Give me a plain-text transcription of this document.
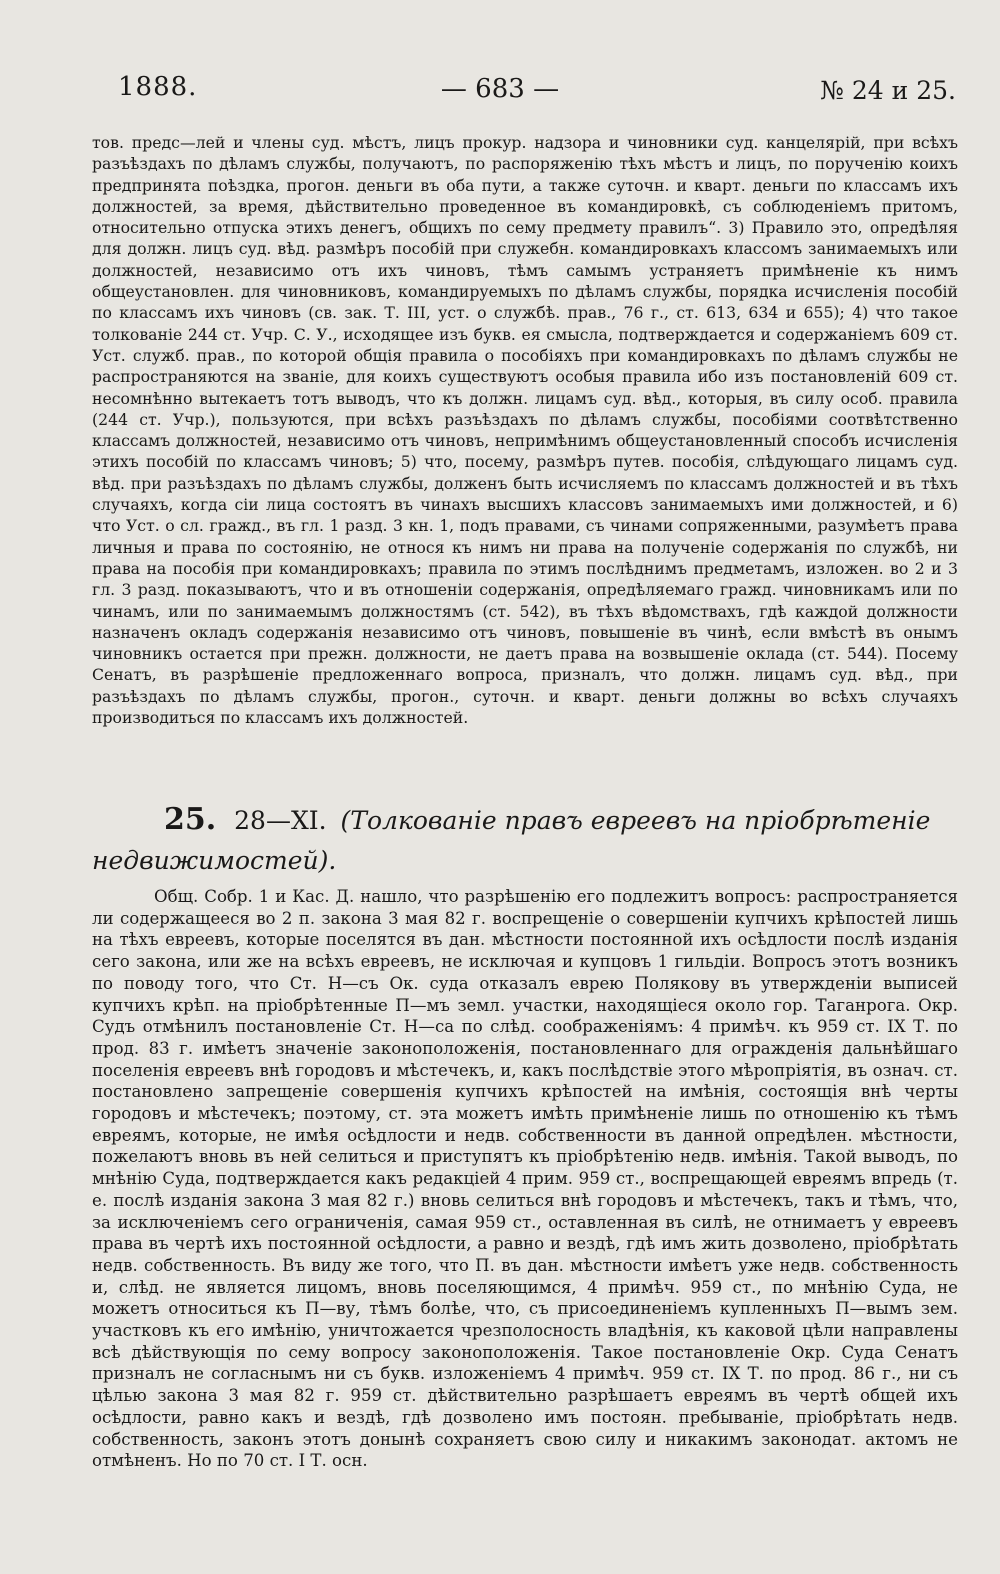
1888.	— 683 —	№ 24 и 25.
тов. предс—лей и члены суд. мѣстъ, лицъ прокур. надзора и чиновники суд. канцелярій, при всѣхъ разъѣздахъ по дѣламъ службы, получаютъ, по распоряженію тѣхъ мѣстъ и лицъ, по порученію коихъ предпринята поѣздка, прогон. деньги въ оба пути, а также суточн. и кварт. деньги по классамъ ихъ должностей, за время, дѣйствительно проведенное въ командировкѣ, съ соблюденіемъ притомъ, относительно отпуска этихъ денегъ, общихъ по сему предмету правилъ“. 3) Правило это, опредѣляя для должн. лицъ суд. вѣд. размѣръ пособій при служебн. командировкахъ классомъ занимаемыхъ или должностей, независимо отъ ихъ чиновъ, тѣмъ самымъ устраняетъ примѣненіе къ нимъ общеустановлен. для чиновниковъ, командируемыхъ по дѣламъ службы, порядка исчисленія пособій по классамъ ихъ чиновъ (св. зак. Т. III, уст. о службѣ. прав., 76 г., ст. 613, 634 и 655); 4) что такое толкованіе 244 ст. Учр. С. У., исходящее изъ букв. ея смысла, подтверждается и содержаніемъ 609 ст. Уст. служб. прав., по которой общія правила о пособіяхъ при командировкахъ по дѣламъ службы не распространяются на званіе, для коихъ существуютъ особыя правила ибо изъ постановленій 609 ст. несомнѣнно вытекаетъ тотъ выводъ, что къ должн. лицамъ суд. вѣд., которыя, въ силу особ. правила (244 ст. Учр.), пользуются, при всѣхъ разъѣздахъ по дѣламъ службы, пособіями соотвѣтственно классамъ должностей, независимо отъ чиновъ, непримѣнимъ общеустановленный способъ исчисленія этихъ пособій по классамъ чиновъ; 5) что, посему, размѣръ путев. пособія, слѣдующаго лицамъ суд. вѣд. при разъѣздахъ по дѣламъ службы, долженъ быть исчисляемъ по классамъ должностей и въ тѣхъ случаяхъ, когда сіи лица состоятъ въ чинахъ высшихъ классовъ занимаемыхъ ими должностей, и 6) что Уст. о сл. гражд., въ гл. 1 разд. 3 кн. 1, подъ правами, съ чинами сопряженными, разумѣетъ права личныя и права по состоянію, не относя къ нимъ ни права на полученіе содержанія по службѣ, ни права на пособія при командировкахъ; правила по этимъ послѣднимъ предметамъ, изложен. во 2 и 3 гл. 3 разд. показываютъ, что и въ отношеніи содержанія, опредѣляемаго гражд. чиновникамъ или по чинамъ, или по занимаемымъ должностямъ (ст. 542), въ тѣхъ вѣдомствахъ, гдѣ каждой должности назначенъ окладъ содержанія независимо отъ чиновъ, повышеніе въ чинѣ, если вмѣстѣ въ онымъ чиновникъ остается при прежн. должности, не даетъ права на возвышеніе оклада (ст. 544). Посему Сенатъ, въ разрѣшеніе предложеннаго вопроса, призналъ, что должн. лицамъ суд. вѣд., при разъѣздахъ по дѣламъ службы, прогон., суточн. и кварт. деньги должны во всѣхъ случаяхъ производиться по классамъ ихъ должностей.
25. 28—XI. (Толкованіе правъ евреевъ на пріобрѣтеніе недвижимостей).
Общ. Собр. 1 и Кас. Д. нашло, что разрѣшенію его подлежитъ вопросъ: распространяется ли содержащееся во 2 п. закона 3 мая 82 г. воспрещеніе о совершеніи купчихъ крѣпостей лишь на тѣхъ евреевъ, которые поселятся въ дан. мѣстности постоянной ихъ осѣдлости послѣ изданія сего закона, или же на всѣхъ евреевъ, не исключая и купцовъ 1 гильдіи. Вопросъ этотъ возникъ по поводу того, что Ст. Н—съ Ок. суда отказалъ еврею Полякову въ утвержденіи выписей купчихъ крѣп. на пріобрѣтенные П—мъ земл. участки, находящіеся около гор. Таганрога. Окр. Судъ отмѣнилъ постановленіе Ст. Н—са по слѣд. соображеніямъ: 4 примѣч. къ 959 ст. IX Т. по прод. 83 г. имѣетъ значеніе законоположенія, постановленнаго для огражденія дальнѣйшаго поселенія евреевъ внѣ городовъ и мѣстечекъ, и, какъ послѣдствіе этого мѣропріятія, въ означ. ст. постановлено запрещеніе совершенія купчихъ крѣпостей на имѣнія, состоящія внѣ черты городовъ и мѣстечекъ; поэтому, ст. эта можетъ имѣть примѣненіе лишь по отношенію къ тѣмъ евреямъ, которые, не имѣя осѣдлости и недв. собственности въ данной опредѣлен. мѣстности, пожелаютъ вновь въ ней селиться и приступятъ къ пріобрѣтенію недв. имѣнія. Такой выводъ, по мнѣнію Суда, подтверждается какъ редакціей 4 прим. 959 ст., воспрещающей евреямъ впредь (т. е. послѣ изданія закона 3 мая 82 г.) вновь селиться внѣ городовъ и мѣстечекъ, такъ и тѣмъ, что, за исключеніемъ сего ограниченія, самая 959 ст., оставленная въ силѣ, не отнимаетъ у евреевъ права въ чертѣ ихъ постоянной осѣдлости, а равно и вездѣ, гдѣ имъ жить дозволено, пріобрѣтать недв. собственность. Въ виду же того, что П. въ дан. мѣстности имѣетъ уже недв. собственность и, слѣд. не является лицомъ, вновь поселяющимся, 4 примѣч. 959 ст., по мнѣнію Суда, не можетъ относиться къ П—ву, тѣмъ болѣе, что, съ присоединеніемъ купленныхъ П—вымъ зем. участковъ къ его имѣнію, уничтожается чрезполосность владѣнія, къ каковой цѣли направлены всѣ дѣйствующія по сему вопросу законоположенія. Такое постановленіе Окр. Суда Сенатъ призналъ не согласнымъ ни съ букв. изложеніемъ 4 примѣч. 959 ст. IX Т. по прод. 86 г., ни съ цѣлью закона 3 мая 82 г. 959 ст. дѣйствительно разрѣшаетъ евреямъ въ чертѣ общей ихъ осѣдлости, равно какъ и вездѣ, гдѣ дозволено имъ постоян. пребываніе, пріобрѣтать недв. собственность, законъ этотъ донынѣ сохраняетъ свою силу и никакимъ законодат. актомъ не отмѣненъ. Но по 70 ст. I Т. осн.
